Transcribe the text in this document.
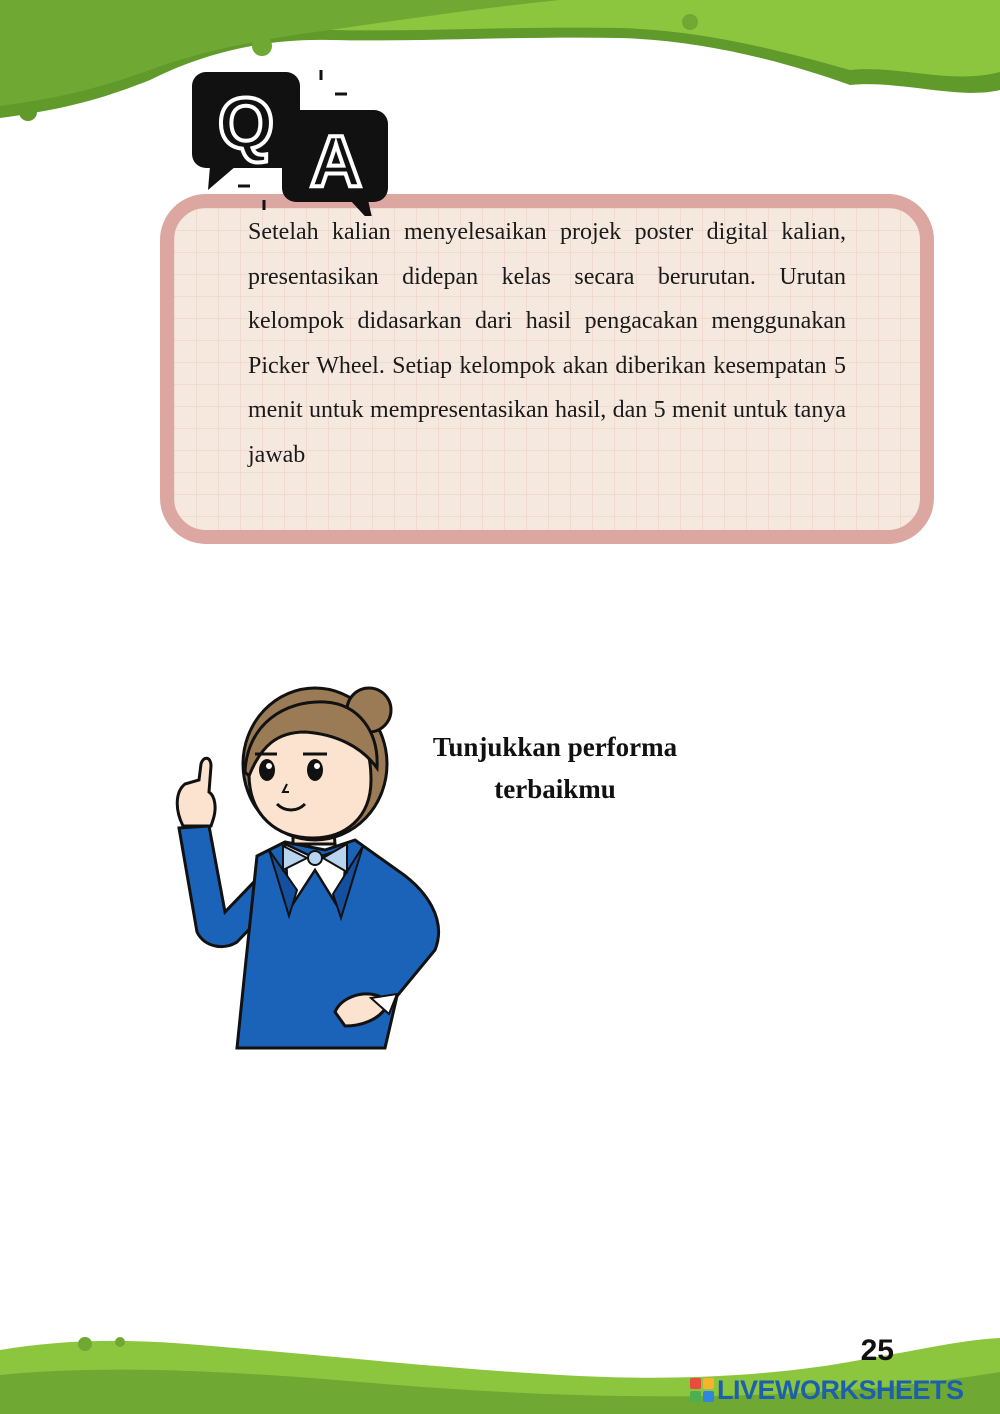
Q A

Setelah kalian menyelesaikan projek poster digital kalian, presentasikan didepan kelas secara berurutan. Urutan kelompok didasarkan dari hasil pengacakan menggunakan Picker Wheel. Setiap kelompok akan diberikan kesempatan 5 menit untuk mempresentasikan hasil, dan 5 menit untuk tanya jawab

Tunjukkan performa
terbaikmu
25
LIVEWORKSHEETS
